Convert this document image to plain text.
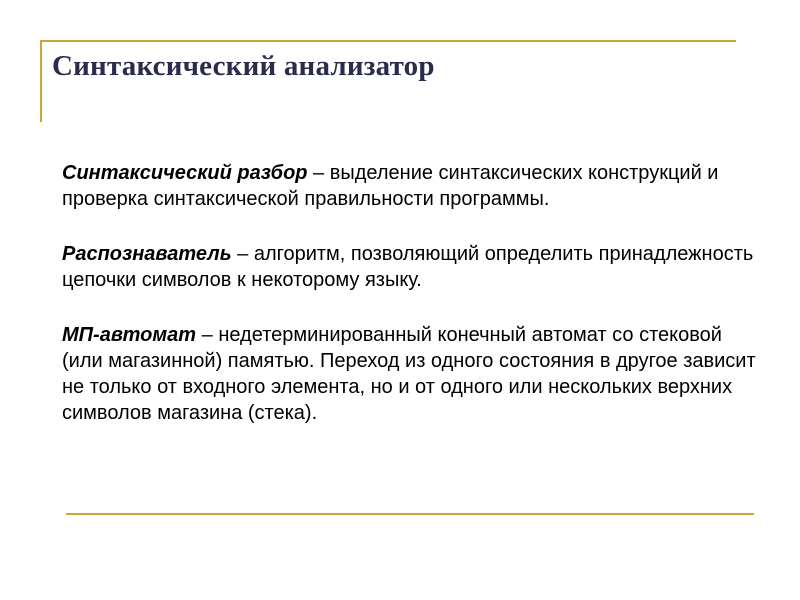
Синтаксический анализатор

Синтаксический разбор – выделение синтаксических конструкций и проверка синтаксической правильности программы.

Распознаватель – алгоритм, позволяющий определить принадлежность цепочки символов к некоторому языку.

МП-автомат – недетерминированный конечный автомат со стековой (или магазинной) памятью. Переход из одного состояния в другое зависит не только от входного элемента, но и от одного или нескольких верхних символов магазина (стека).
